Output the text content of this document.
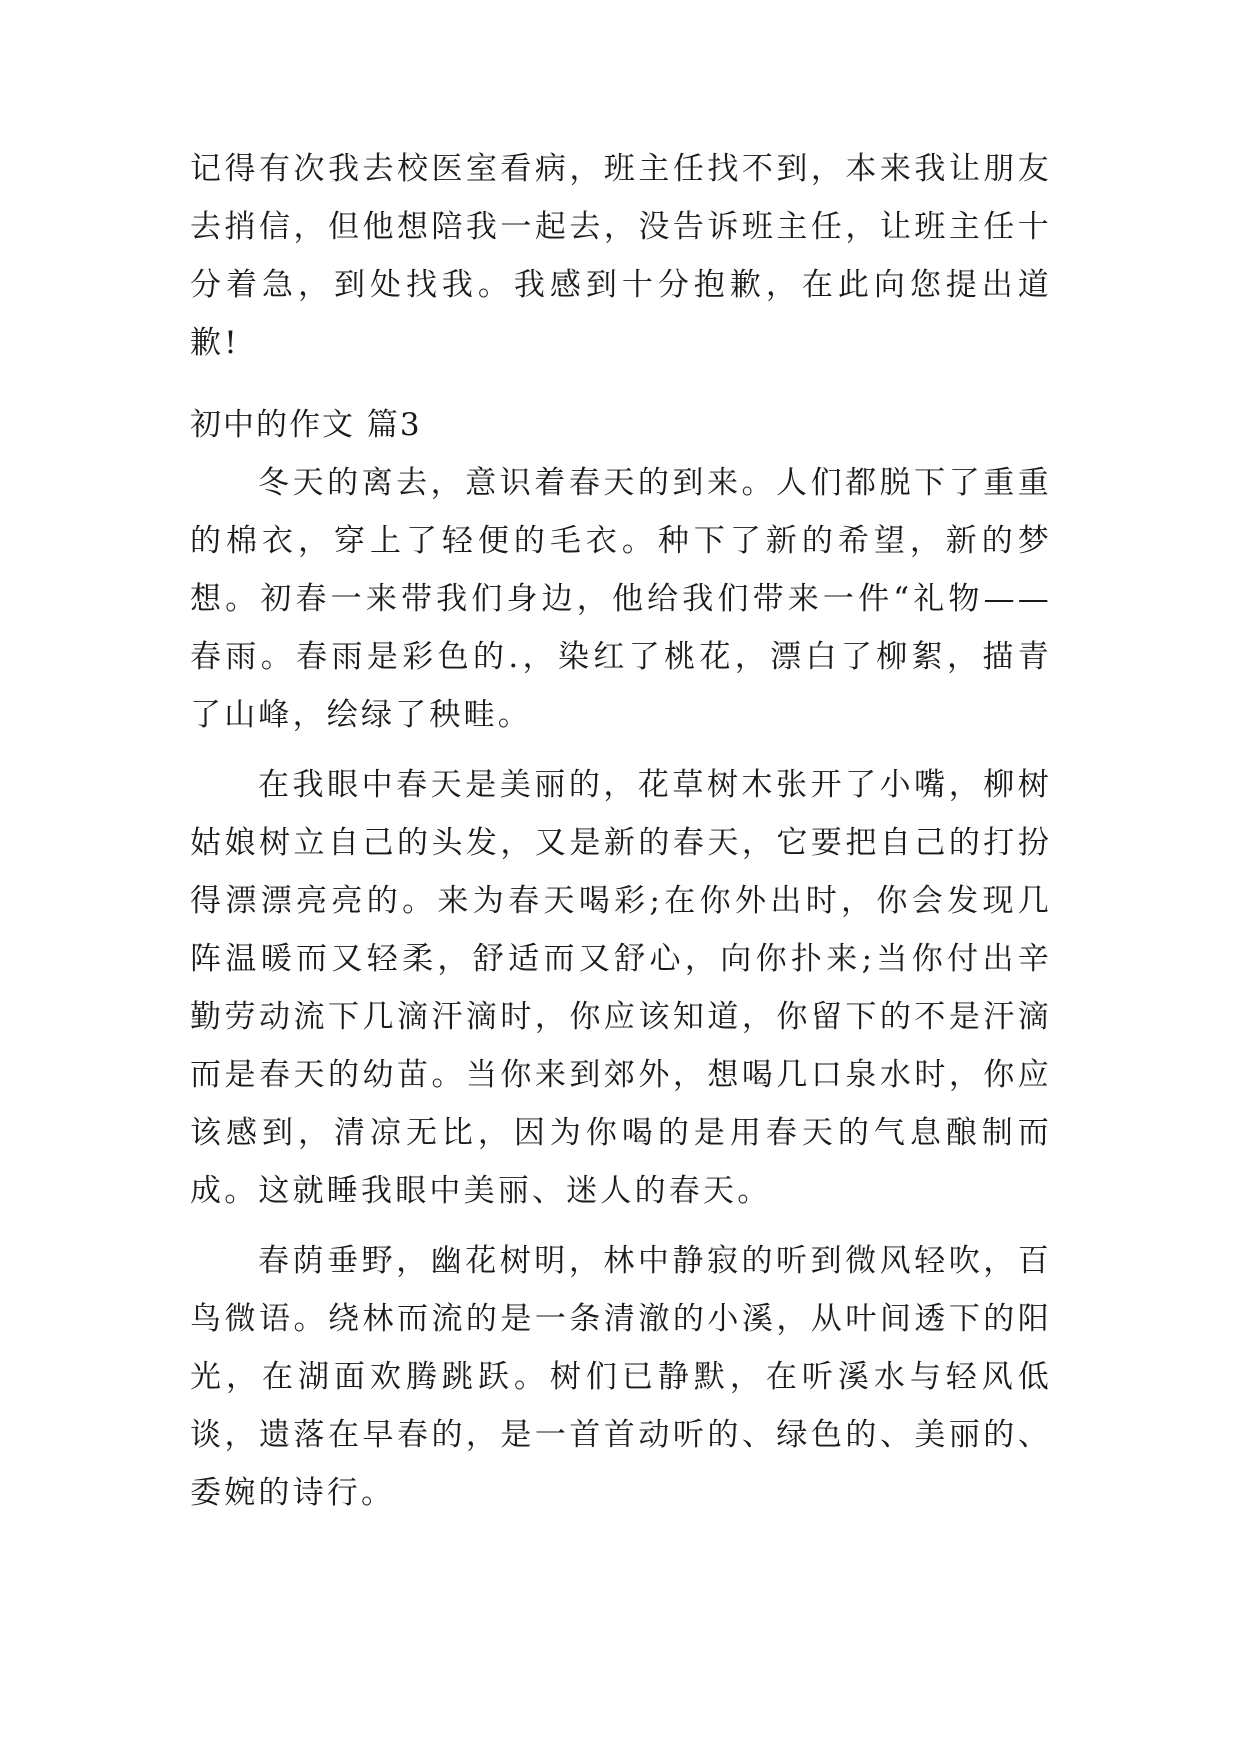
记得有次我去校医室看病，班主任找不到，本来我让朋友去捎信，但他想陪我一起去，没告诉班主任，让班主任十分着急，到处找我。我感到十分抱歉，在此向您提出道歉!

初中的作文 篇3

冬天的离去，意识着春天的到来。人们都脱下了重重的棉衣，穿上了轻便的毛衣。种下了新的希望，新的梦想。初春一来带我们身边，他给我们带来一件“礼物——春雨。春雨是彩色的.，染红了桃花，漂白了柳絮，描青了山峰，绘绿了秧畦。

在我眼中春天是美丽的，花草树木张开了小嘴，柳树姑娘树立自己的头发，又是新的春天，它要把自己的打扮得漂漂亮亮的。来为春天喝彩;在你外出时，你会发现几阵温暖而又轻柔，舒适而又舒心，向你扑来;当你付出辛勤劳动流下几滴汗滴时，你应该知道，你留下的不是汗滴而是春天的幼苗。当你来到郊外，想喝几口泉水时，你应该感到，清凉无比，因为你喝的是用春天的气息酿制而成。这就睡我眼中美丽、迷人的春天。

春荫垂野，幽花树明，林中静寂的听到微风轻吹，百鸟微语。绕林而流的是一条清澈的小溪，从叶间透下的阳光，在湖面欢腾跳跃。树们已静默，在听溪水与轻风低谈，遗落在早春的，是一首首动听的、绿色的、美丽的、委婉的诗行。
